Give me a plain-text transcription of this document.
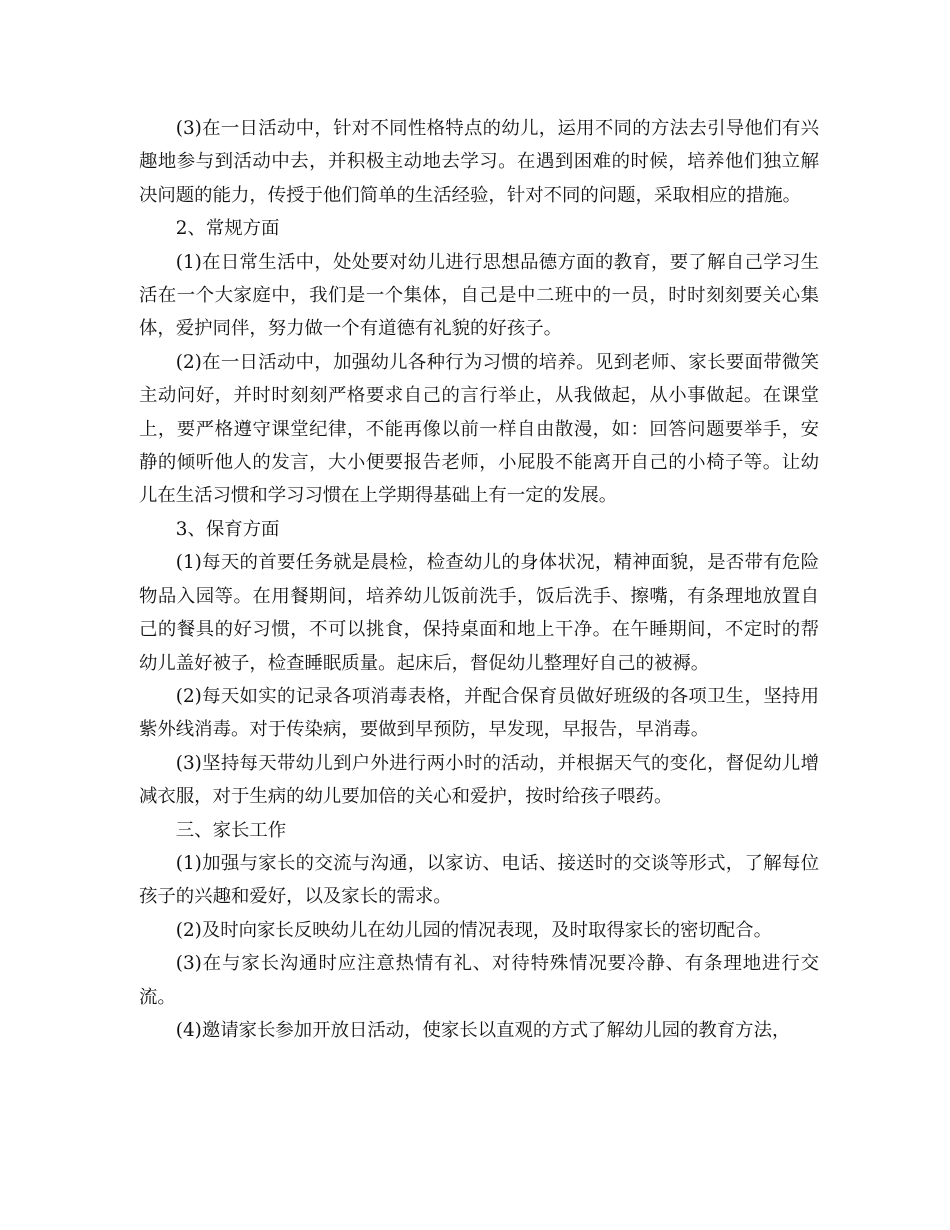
(3)在一日活动中，针对不同性格特点的幼儿，运用不同的方法去引导他们有兴趣地参与到活动中去，并积极主动地去学习。在遇到困难的时候，培养他们独立解决问题的能力，传授于他们简单的生活经验，针对不同的问题，采取相应的措施。

2、常规方面

(1)在日常生活中，处处要对幼儿进行思想品德方面的教育，要了解自己学习生活在一个大家庭中，我们是一个集体，自己是中二班中的一员，时时刻刻要关心集体，爱护同伴，努力做一个有道德有礼貌的好孩子。

(2)在一日活动中，加强幼儿各种行为习惯的培养。见到老师、家长要面带微笑主动问好，并时时刻刻严格要求自己的言行举止，从我做起，从小事做起。在课堂上，要严格遵守课堂纪律，不能再像以前一样自由散漫，如：回答问题要举手，安静的倾听他人的发言，大小便要报告老师，小屁股不能离开自己的小椅子等。让幼儿在生活习惯和学习习惯在上学期得基础上有一定的发展。

3、保育方面

(1)每天的首要任务就是晨检，检查幼儿的身体状况，精神面貌，是否带有危险物品入园等。在用餐期间，培养幼儿饭前洗手，饭后洗手、擦嘴，有条理地放置自己的餐具的好习惯，不可以挑食，保持桌面和地上干净。在午睡期间，不定时的帮幼儿盖好被子，检查睡眠质量。起床后，督促幼儿整理好自己的被褥。

(2)每天如实的记录各项消毒表格，并配合保育员做好班级的各项卫生，坚持用紫外线消毒。对于传染病，要做到早预防，早发现，早报告，早消毒。

(3)坚持每天带幼儿到户外进行两小时的活动，并根据天气的变化，督促幼儿增减衣服，对于生病的幼儿要加倍的关心和爱护，按时给孩子喂药。

三、家长工作

(1)加强与家长的交流与沟通，以家访、电话、接送时的交谈等形式，了解每位孩子的兴趣和爱好，以及家长的需求。

(2)及时向家长反映幼儿在幼儿园的情况表现，及时取得家长的密切配合。

(3)在与家长沟通时应注意热情有礼、对待特殊情况要冷静、有条理地进行交流。

(4)邀请家长参加开放日活动，使家长以直观的方式了解幼儿园的教育方法，
